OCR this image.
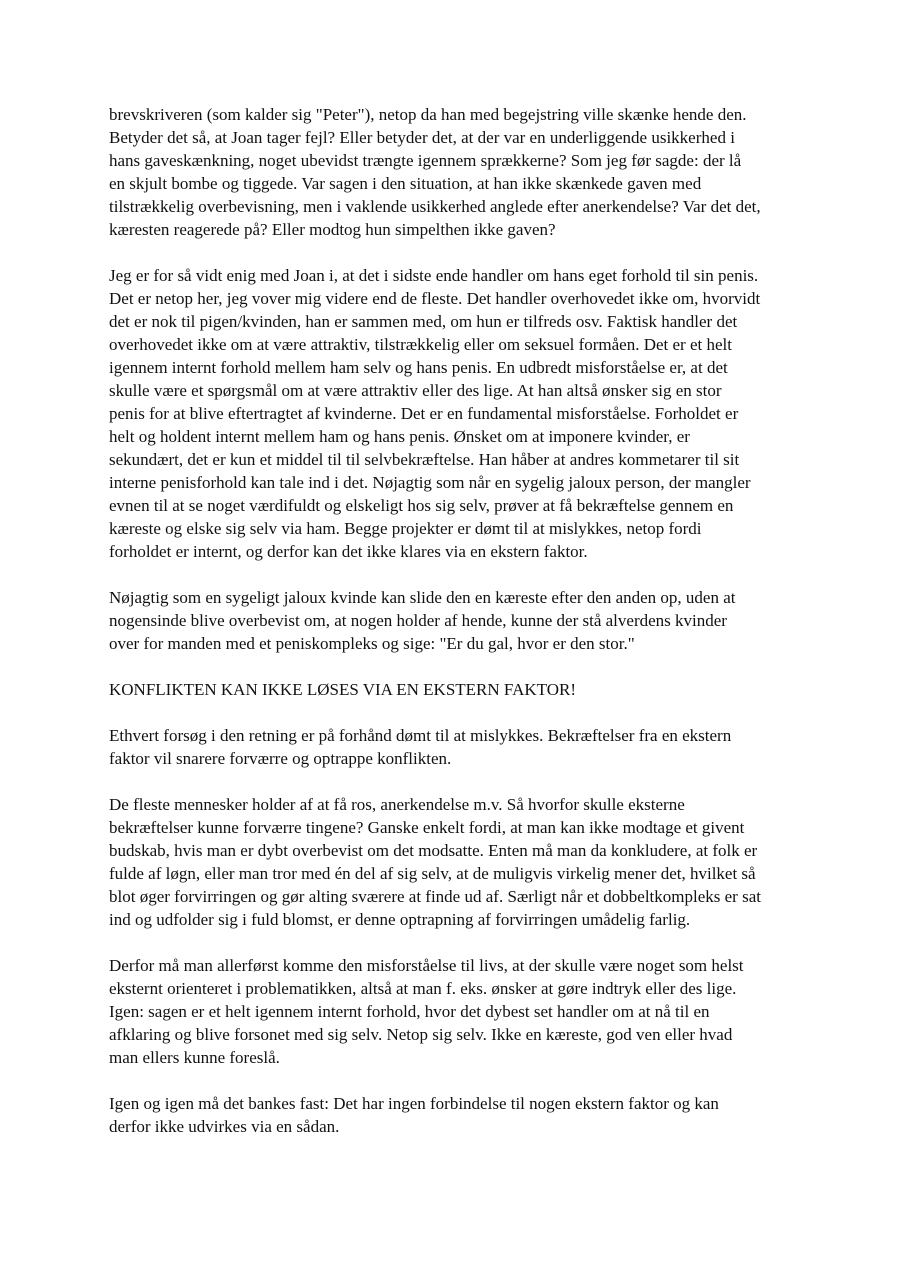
brevskriveren (som kalder sig "Peter"), netop da han med begejstring ville skænke hende den.
Betyder det så, at Joan tager fejl? Eller betyder det, at der var en underliggende usikkerhed i
hans gaveskænkning, noget ubevidst trængte igennem sprækkerne? Som jeg før sagde: der lå
en skjult bombe og tiggede. Var sagen i den situation, at han ikke skænkede gaven med
tilstrækkelig overbevisning, men i vaklende usikkerhed anglede efter anerkendelse? Var det det,
kæresten reagerede på? Eller modtog hun simpelthen ikke gaven?
Jeg er for så vidt enig med Joan i, at det i sidste ende handler om hans eget forhold til sin penis.
Det er netop her, jeg vover mig videre end de fleste. Det handler overhovedet ikke om, hvorvidt
det er nok til pigen/kvinden, han er sammen med, om hun er tilfreds osv. Faktisk handler det
overhovedet ikke om at være attraktiv, tilstrækkelig eller om seksuel formåen. Det er et helt
igennem internt forhold mellem ham selv og hans penis. En udbredt misforståelse er, at det
skulle være et spørgsmål om at være attraktiv eller des lige. At han altså ønsker sig en stor
penis for at blive eftertragtet af kvinderne. Det er en fundamental misforståelse. Forholdet er
helt og holdent internt mellem ham og hans penis. Ønsket om at imponere kvinder, er
sekundært, det er kun et middel til til selvbekræftelse. Han håber at andres kommetarer til sit
interne penisforhold kan tale ind i det. Nøjagtig som når en sygelig jaloux person, der mangler
evnen til at se noget værdifuldt og elskeligt hos sig selv, prøver at få bekræftelse gennem en
kæreste og elske sig selv via ham. Begge projekter er dømt til at mislykkes, netop fordi
forholdet er internt, og derfor kan det ikke klares via en ekstern faktor.
Nøjagtig som en sygeligt jaloux kvinde kan slide den en kæreste efter den anden op, uden at
nogensinde blive overbevist om, at nogen holder af hende, kunne der stå alverdens kvinder
over for manden med et peniskompleks og sige: "Er du gal, hvor er den stor."
KONFLIKTEN KAN IKKE LØSES VIA EN EKSTERN FAKTOR!
Ethvert forsøg i den retning er på forhånd dømt til at mislykkes. Bekræftelser fra en ekstern
faktor vil snarere forværre og optrappe konflikten.
De fleste mennesker holder af at få ros, anerkendelse m.v. Så hvorfor skulle eksterne
bekræftelser kunne forværre tingene? Ganske enkelt fordi, at man kan ikke modtage et givent
budskab, hvis man er dybt overbevist om det modsatte. Enten må man da konkludere, at folk er
fulde af løgn, eller man tror med én del af sig selv, at de muligvis virkelig mener det, hvilket så
blot øger forvirringen og gør alting sværere at finde ud af. Særligt når et dobbeltkompleks er sat
ind og udfolder sig i fuld blomst, er denne optrapning af forvirringen umådelig farlig.
Derfor må man allerførst komme den misforståelse til livs, at der skulle være noget som helst
eksternt orienteret i problematikken, altså at man f. eks. ønsker at gøre indtryk eller des lige.
Igen: sagen er et helt igennem internt forhold, hvor det dybest set handler om at nå til en
afklaring og blive forsonet med sig selv. Netop sig selv. Ikke en kæreste, god ven eller hvad
man ellers kunne foreslå.
Igen og igen må det bankes fast: Det har ingen forbindelse til nogen ekstern faktor og kan
derfor ikke udvirkes via en sådan.
